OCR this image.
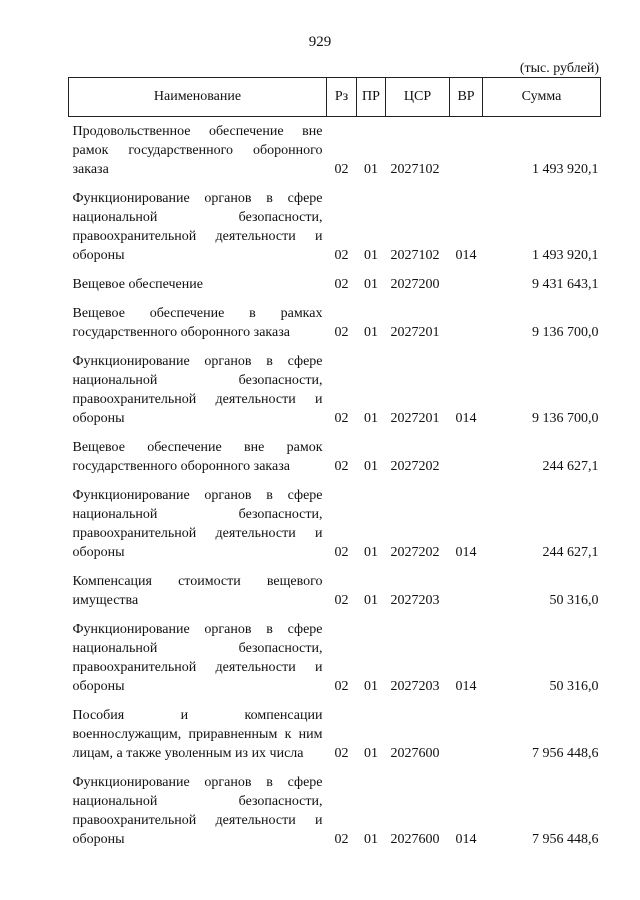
929
(тыс. рублей)
Наименование	Рз	ПР	ЦСР	ВР	Сумма
Продовольственное обеспечение вне рамок государственного оборонного заказа	02	01	2027102		1 493 920,1
Функционирование органов в сфере национальной безопасности, правоохранительной деятельности и обороны	02	01	2027102	014	1 493 920,1
Вещевое обеспечение	02	01	2027200		9 431 643,1
Вещевое обеспечение в рамках государственного оборонного заказа	02	01	2027201		9 136 700,0
Функционирование органов в сфере национальной безопасности, правоохранительной деятельности и обороны	02	01	2027201	014	9 136 700,0
Вещевое обеспечение вне рамок государственного оборонного заказа	02	01	2027202		244 627,1
Функционирование органов в сфере национальной безопасности, правоохранительной деятельности и обороны	02	01	2027202	014	244 627,1
Компенсация стоимости вещевого имущества	02	01	2027203		50 316,0
Функционирование органов в сфере национальной безопасности, правоохранительной деятельности и обороны	02	01	2027203	014	50 316,0
Пособия и компенсации военнослужащим, приравненным к ним лицам, а также уволенным из их числа	02	01	2027600		7 956 448,6
Функционирование органов в сфере национальной безопасности, правоохранительной деятельности и обороны	02	01	2027600	014	7 956 448,6
